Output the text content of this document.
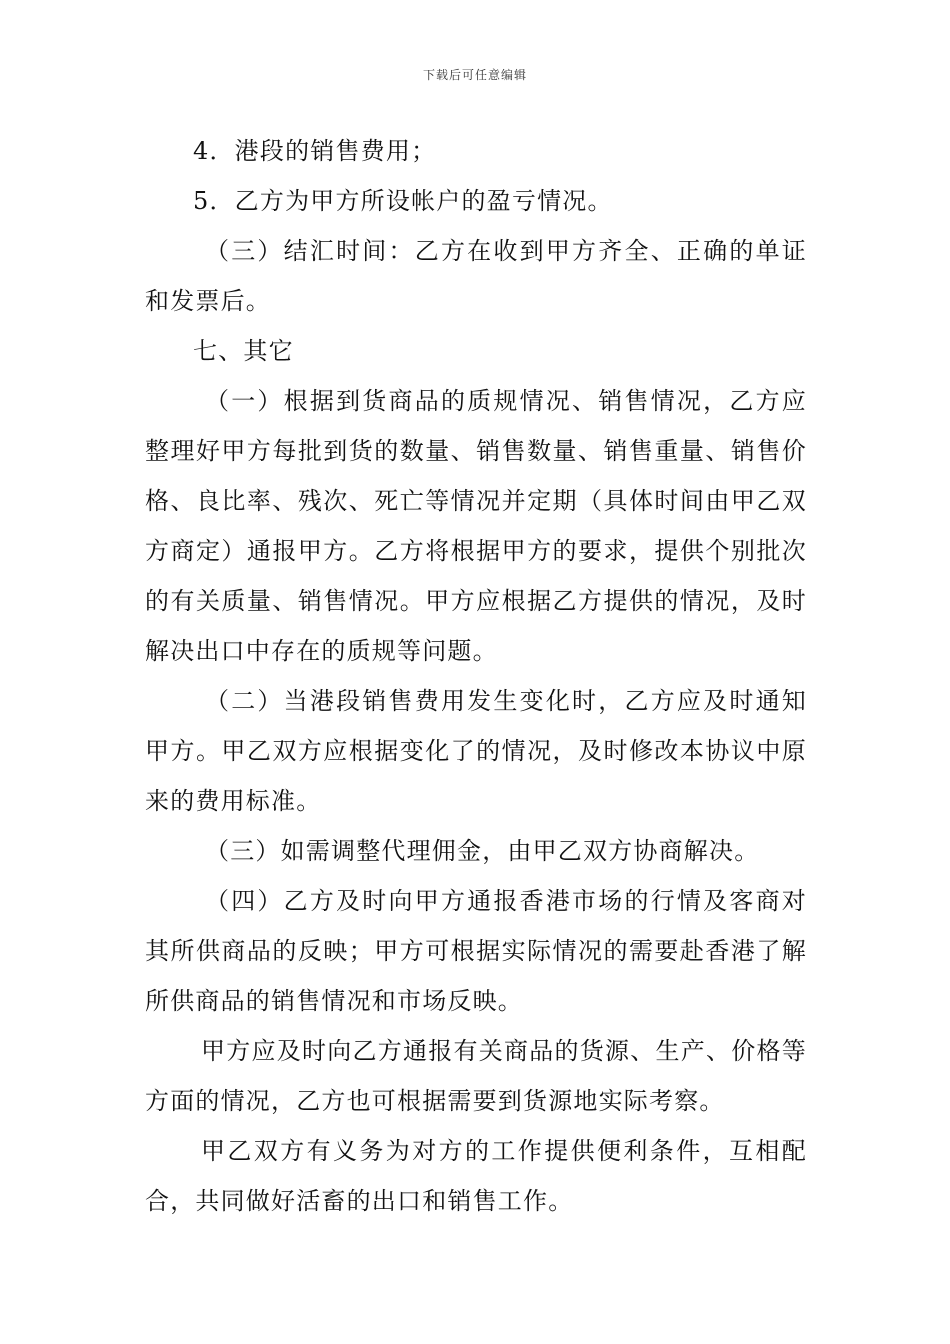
下载后可任意编辑

4．港段的销售费用；

5．乙方为甲方所设帐户的盈亏情况。

（三）结汇时间：乙方在收到甲方齐全、正确的单证和发票后。

七、其它

（一）根据到货商品的质规情况、销售情况，乙方应整理好甲方每批到货的数量、销售数量、销售重量、销售价格、良比率、残次、死亡等情况并定期（具体时间由甲乙双方商定）通报甲方。乙方将根据甲方的要求，提供个别批次的有关质量、销售情况。甲方应根据乙方提供的情况，及时解决出口中存在的质规等问题。

（二）当港段销售费用发生变化时，乙方应及时通知甲方。甲乙双方应根据变化了的情况，及时修改本协议中原来的费用标准。

（三）如需调整代理佣金，由甲乙双方协商解决。

（四）乙方及时向甲方通报香港市场的行情及客商对其所供商品的反映；甲方可根据实际情况的需要赴香港了解所供商品的销售情况和市场反映。

甲方应及时向乙方通报有关商品的货源、生产、价格等方面的情况，乙方也可根据需要到货源地实际考察。

甲乙双方有义务为对方的工作提供便利条件，互相配合，共同做好活畜的出口和销售工作。
